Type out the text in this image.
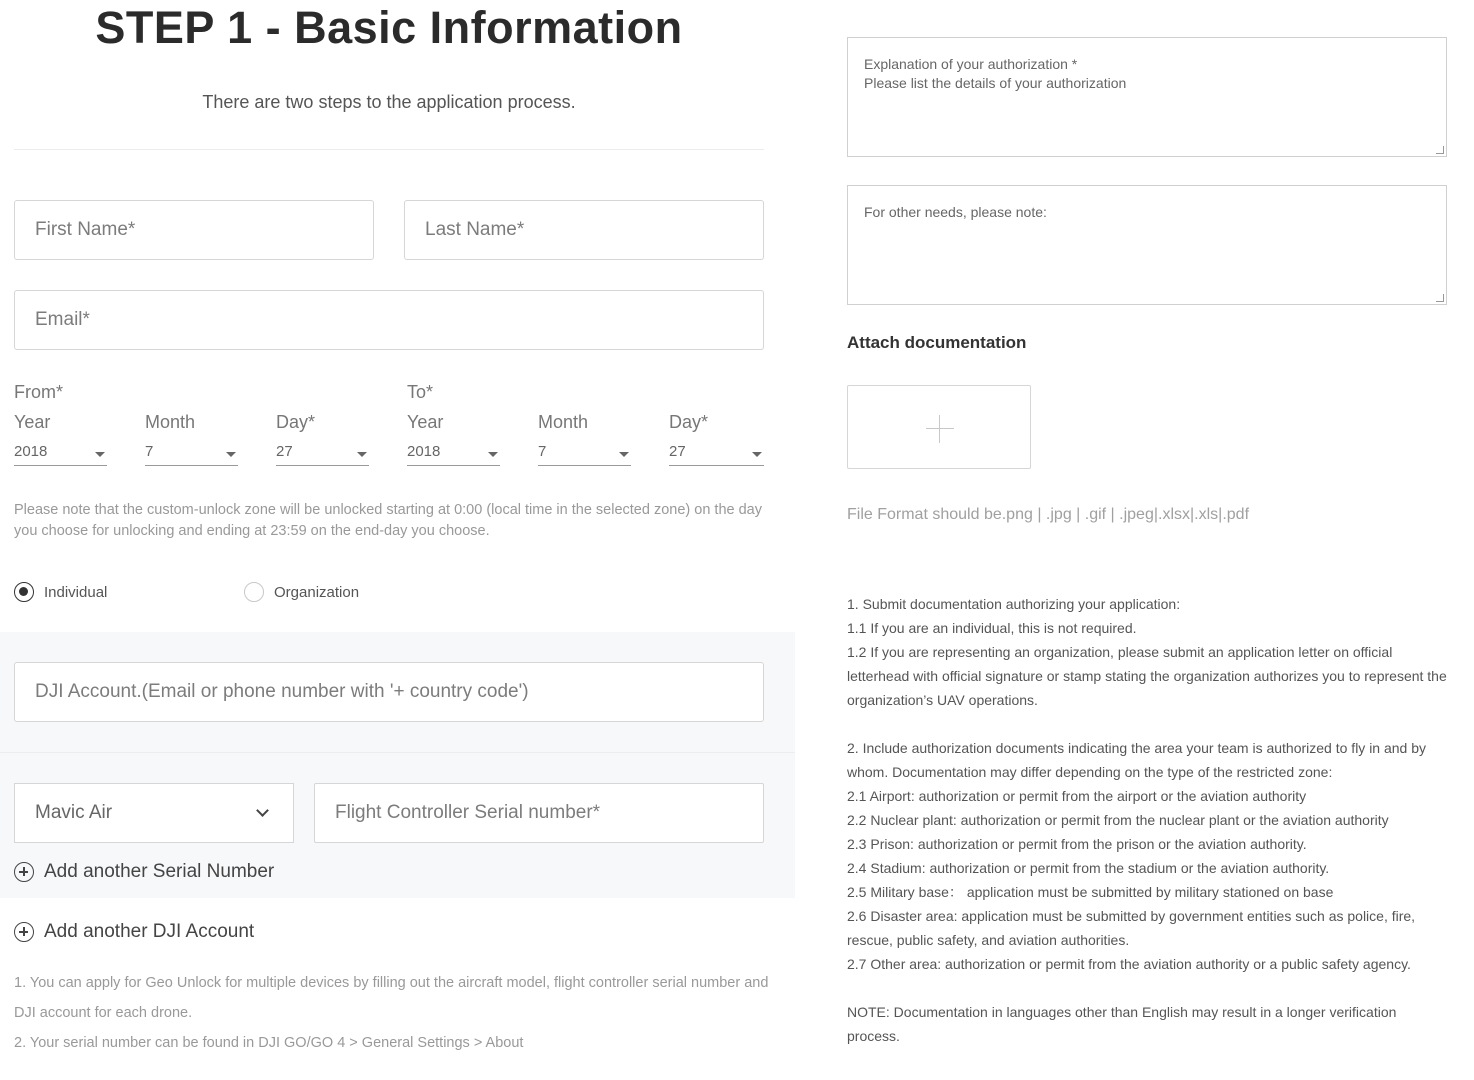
STEP 1 - Basic Information
There are two steps to the application process.
First Name*	Last Name*
Email*
From*
Year	Month	Day*
2018	7	27
To*
Year	Month	Day*
2018	7	27
Please note that the custom-unlock zone will be unlocked starting at 0:00 (local time in the selected zone) on the day you choose for unlocking and ending at 23:59 on the end-day you choose.
Individual	Organization
DJI Account.(Email or phone number with '+ country code')
Mavic Air	Flight Controller Serial number*
Add another Serial Number
Add another DJI Account
1. You can apply for Geo Unlock for multiple devices by filling out the aircraft model, flight controller serial number and DJI account for each drone.
2. Your serial number can be found in DJI GO/GO 4 > General Settings > About
Explanation of your authorization *
Please list the details of your authorization
For other needs, please note:
Attach documentation
File Format should be.png | .jpg | .gif | .jpeg|.xlsx|.xls|.pdf
1. Submit documentation authorizing your application:
1.1 If you are an individual, this is not required.
1.2 If you are representing an organization, please submit an application letter on official letterhead with official signature or stamp stating the organization authorizes you to represent the organization’s UAV operations.
2. Include authorization documents indicating the area your team is authorized to fly in and by whom. Documentation may differ depending on the type of the restricted zone:
2.1 Airport: authorization or permit from the airport or the aviation authority
2.2 Nuclear plant: authorization or permit from the nuclear plant or the aviation authority
2.3 Prison: authorization or permit from the prison or the aviation authority.
2.4 Stadium: authorization or permit from the stadium or the aviation authority.
2.5 Military base： application must be submitted by military stationed on base
2.6 Disaster area: application must be submitted by government entities such as police, fire, rescue, public safety, and aviation authorities.
2.7 Other area: authorization or permit from the aviation authority or a public safety agency.
NOTE: Documentation in languages other than English may result in a longer verification process.
